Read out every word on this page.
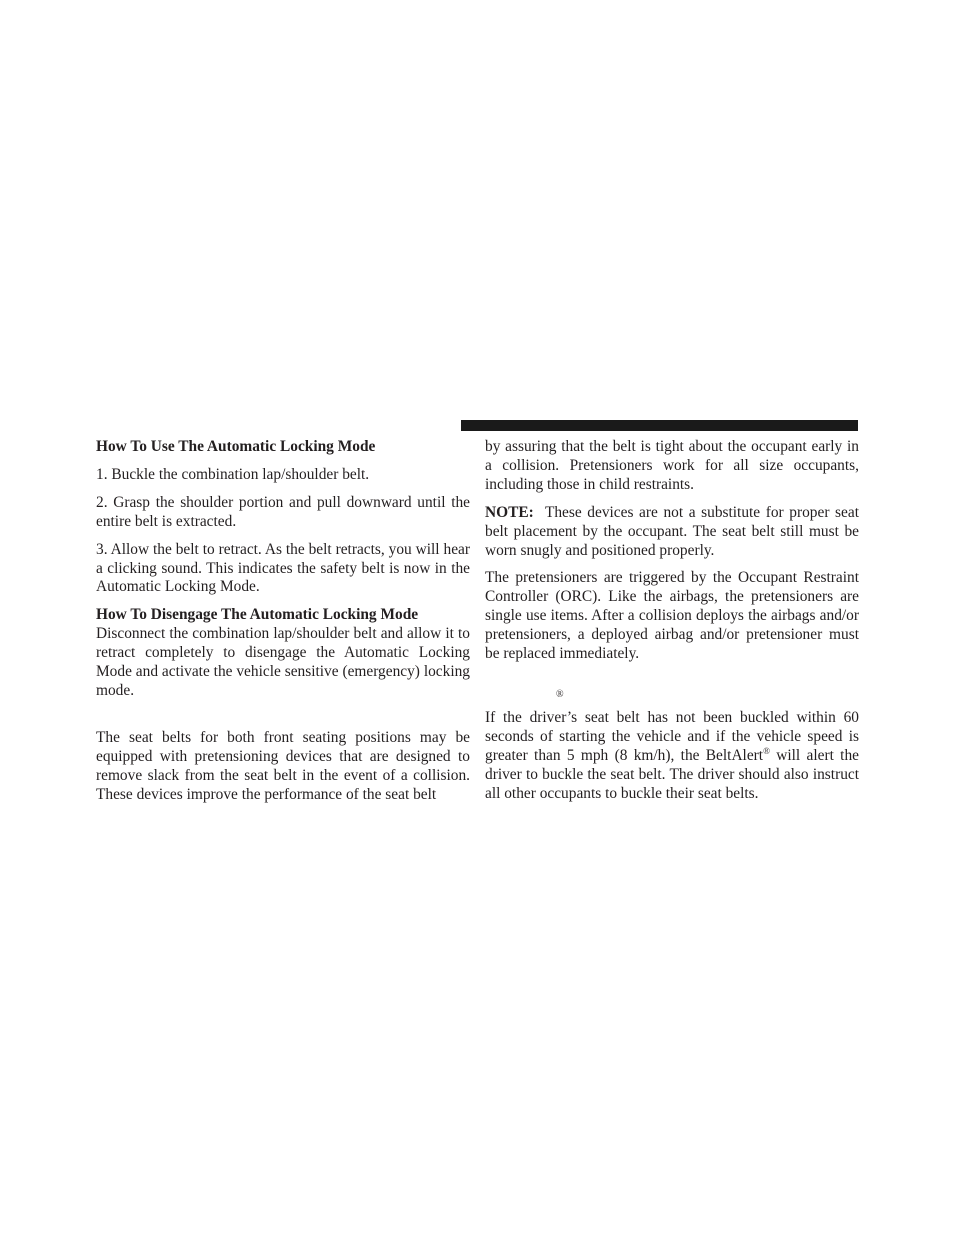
How To Use The Automatic Locking Mode

1. Buckle the combination lap/shoulder belt.

2. Grasp the shoulder portion and pull downward until the entire belt is extracted.

3. Allow the belt to retract. As the belt retracts, you will hear a clicking sound. This indicates the safety belt is now in the Automatic Locking Mode.

How To Disengage The Automatic Locking Mode

Disconnect the combination lap/shoulder belt and allow it to retract completely to disengage the Automatic Locking Mode and activate the vehicle sensitive (emergency) locking mode.

The seat belts for both front seating positions may be equipped with pretensioning devices that are designed to remove slack from the seat belt in the event of a collision. These devices improve the performance of the seat belt

by assuring that the belt is tight about the occupant early in a collision. Pretensioners work for all size occupants, including those in child restraints.

NOTE: These devices are not a substitute for proper seat belt placement by the occupant. The seat belt still must be worn snugly and positioned properly.

The pretensioners are triggered by the Occupant Restraint Controller (ORC). Like the airbags, the pretensioners are single use items. After a collision deploys the airbags and/or pretensioners, a deployed airbag and/or pretensioner must be replaced immediately.

If the driver’s seat belt has not been buckled within 60 seconds of starting the vehicle and if the vehicle speed is greater than 5 mph (8 km/h), the BeltAlert® will alert the driver to buckle the seat belt. The driver should also instruct all other occupants to buckle their seat belts.

®
